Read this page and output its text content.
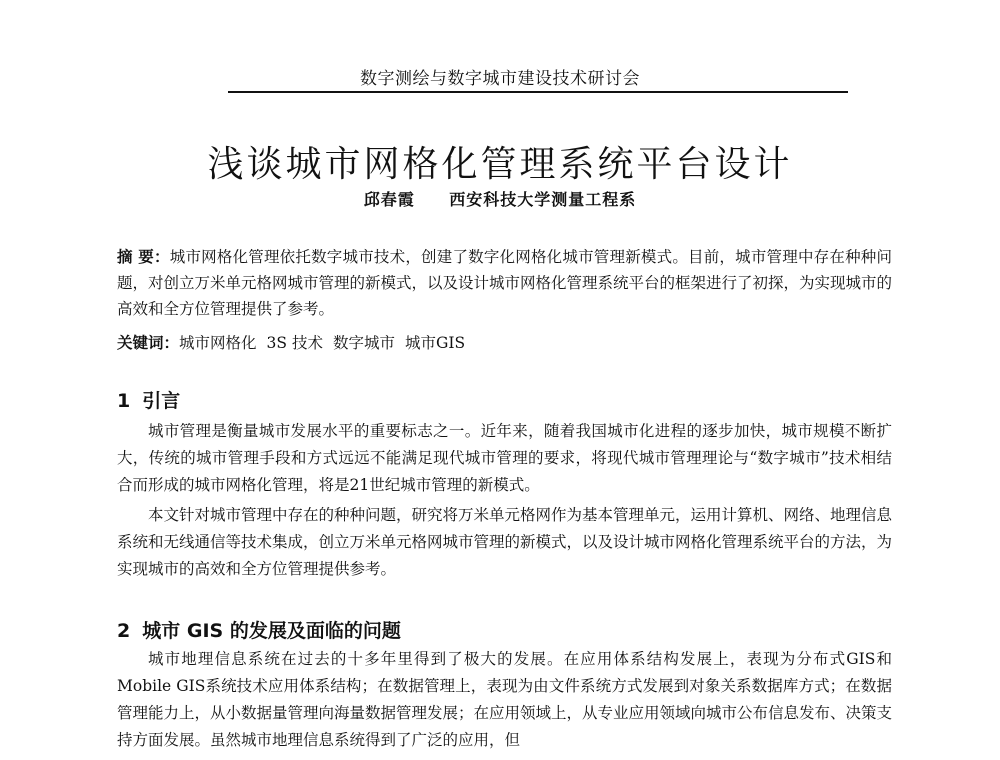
数字测绘与数字城市建设技术研讨会
浅谈城市网格化管理系统平台设计
邱春霞 西安科技大学测量工程系
摘 要：城市网格化管理依托数字城市技术，创建了数字化网格化城市管理新模式。目前，城市管理中存在种种问题，对创立万米单元格网城市管理的新模式，以及设计城市网格化管理系统平台的框架进行了初探，为实现城市的高效和全方位管理提供了参考。
关键词：城市网格化 3S 技术 数字城市 城市GIS
1 引言

城市管理是衡量城市发展水平的重要标志之一。近年来，随着我国城市化进程的逐步加快，城市规模不断扩大，传统的城市管理手段和方式远远不能满足现代城市管理的要求，将现代城市管理理论与“数字城市”技术相结合而形成的城市网格化管理，将是21世纪城市管理的新模式。

本文针对城市管理中存在的种种问题，研究将万米单元格网作为基本管理单元，运用计算机、网络、地理信息系统和无线通信等技术集成，创立万米单元格网城市管理的新模式，以及设计城市网格化管理系统平台的方法，为实现城市的高效和全方位管理提供参考。

2 城市 GIS 的发展及面临的问题

城市地理信息系统在过去的十多年里得到了极大的发展。在应用体系结构发展上，表现为分布式GIS和Mobile GIS系统技术应用体系结构；在数据管理上，表现为由文件系统方式发展到对象关系数据库方式；在数据管理能力上，从小数据量管理向海量数据管理发展；在应用领域上，从专业应用领域向城市公布信息发布、决策支持方面发展。虽然城市地理信息系统得到了广泛的应用，但
